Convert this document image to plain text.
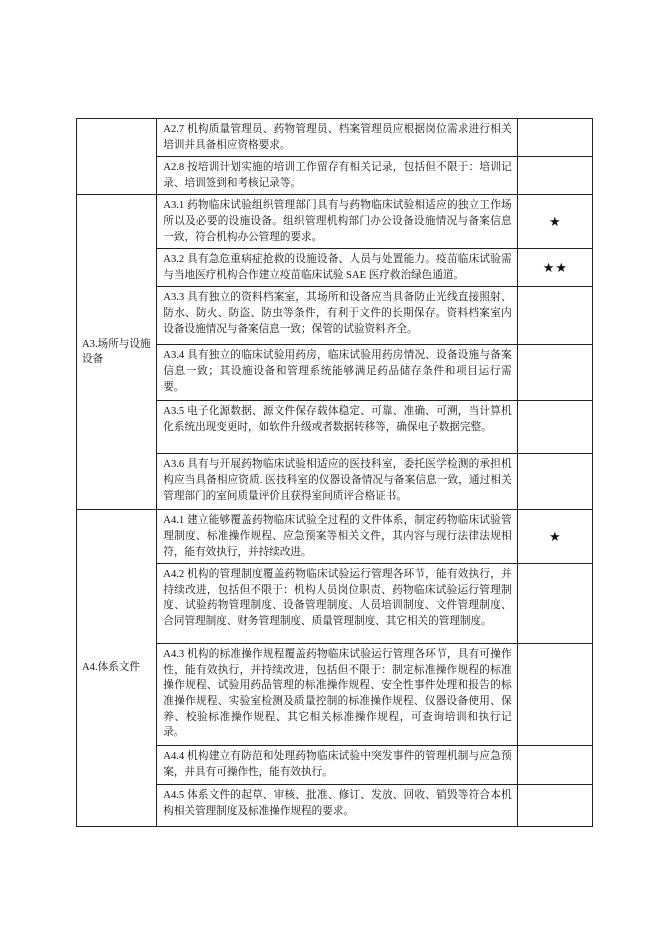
	A2.7 机构质量管理员、药物管理员、档案管理员应根据岗位需求进行相关培训并具备相应资格要求。	
	A2.8 按培训计划实施的培训工作留存有相关记录，包括但不限于：培训记录、培训签到和考核记录等。	
A3.场所与设施设备	A3.1 药物临床试验组织管理部门具有与药物临床试验相适应的独立工作场所以及必要的设施设备。组织管理机构部门办公设备设施情况与备案信息一致，符合机构办公管理的要求。	★
	A3.2 具有急危重病症抢救的设施设备、人员与处置能力。疫苗临床试验需与当地医疗机构合作建立疫苗临床试验 SAE 医疗救治绿色通道。	★★
	A3.3 具有独立的资料档案室，其场所和设备应当具备防止光线直接照射、防水、防火、防盗、防虫等条件，有利于文件的长期保存。资料档案室内设备设施情况与备案信息一致；保管的试验资料齐全。	
	A3.4 具有独立的临床试验用药房，临床试验用药房情况、设备设施与备案信息一致；其设施设备和管理系统能够满足药品储存条件和项目运行需要。	
	A3.5 电子化源数据、源文件保存载体稳定、可靠、准确、可溯，当计算机化系统出现变更时，如软件升级或者数据转移等，确保电子数据完整。	
	A3.6 具有与开展药物临床试验相适应的医技科室，委托医学检测的承担机构应当具备相应资质. 医技科室的仪器设备情况与备案信息一致，通过相关管理部门的室间质量评价且获得室间质评合格证书。	
A4.体系文件	A4.1 建立能够覆盖药物临床试验全过程的文件体系，制定药物临床试验管理制度、标准操作规程、应急预案等相关文件，其内容与现行法律法规相符，能有效执行，并持续改进。	★
	A4.2 机构的管理制度覆盖药物临床试验运行管理各环节，能有效执行，并持续改进，包括但不限于：机构人员岗位职责、药物临床试验运行管理制度、试验药物管理制度、设备管理制度、人员培训制度、文件管理制度、合同管理制度、财务管理制度、质量管理制度、其它相关的管理制度。	
	A4.3 机构的标准操作规程覆盖药物临床试验运行管理各环节，具有可操作性，能有效执行，并持续改进，包括但不限于：制定标准操作规程的标准操作规程、试验用药品管理的标准操作规程、安全性事件处理和报告的标准操作规程、实验室检测及质量控制的标准操作规程、仪器设备使用、保养、校验标准操作规程、其它相关标准操作规程，可查询培训和执行记录。	
	A4.4 机构建立有防范和处理药物临床试验中突发事件的管理机制与应急预案，并具有可操作性，能有效执行。	
	A4.5 体系文件的起草、审核、批准、修订、发放、回收、销毁等符合本机构相关管理制度及标准操作规程的要求。	
